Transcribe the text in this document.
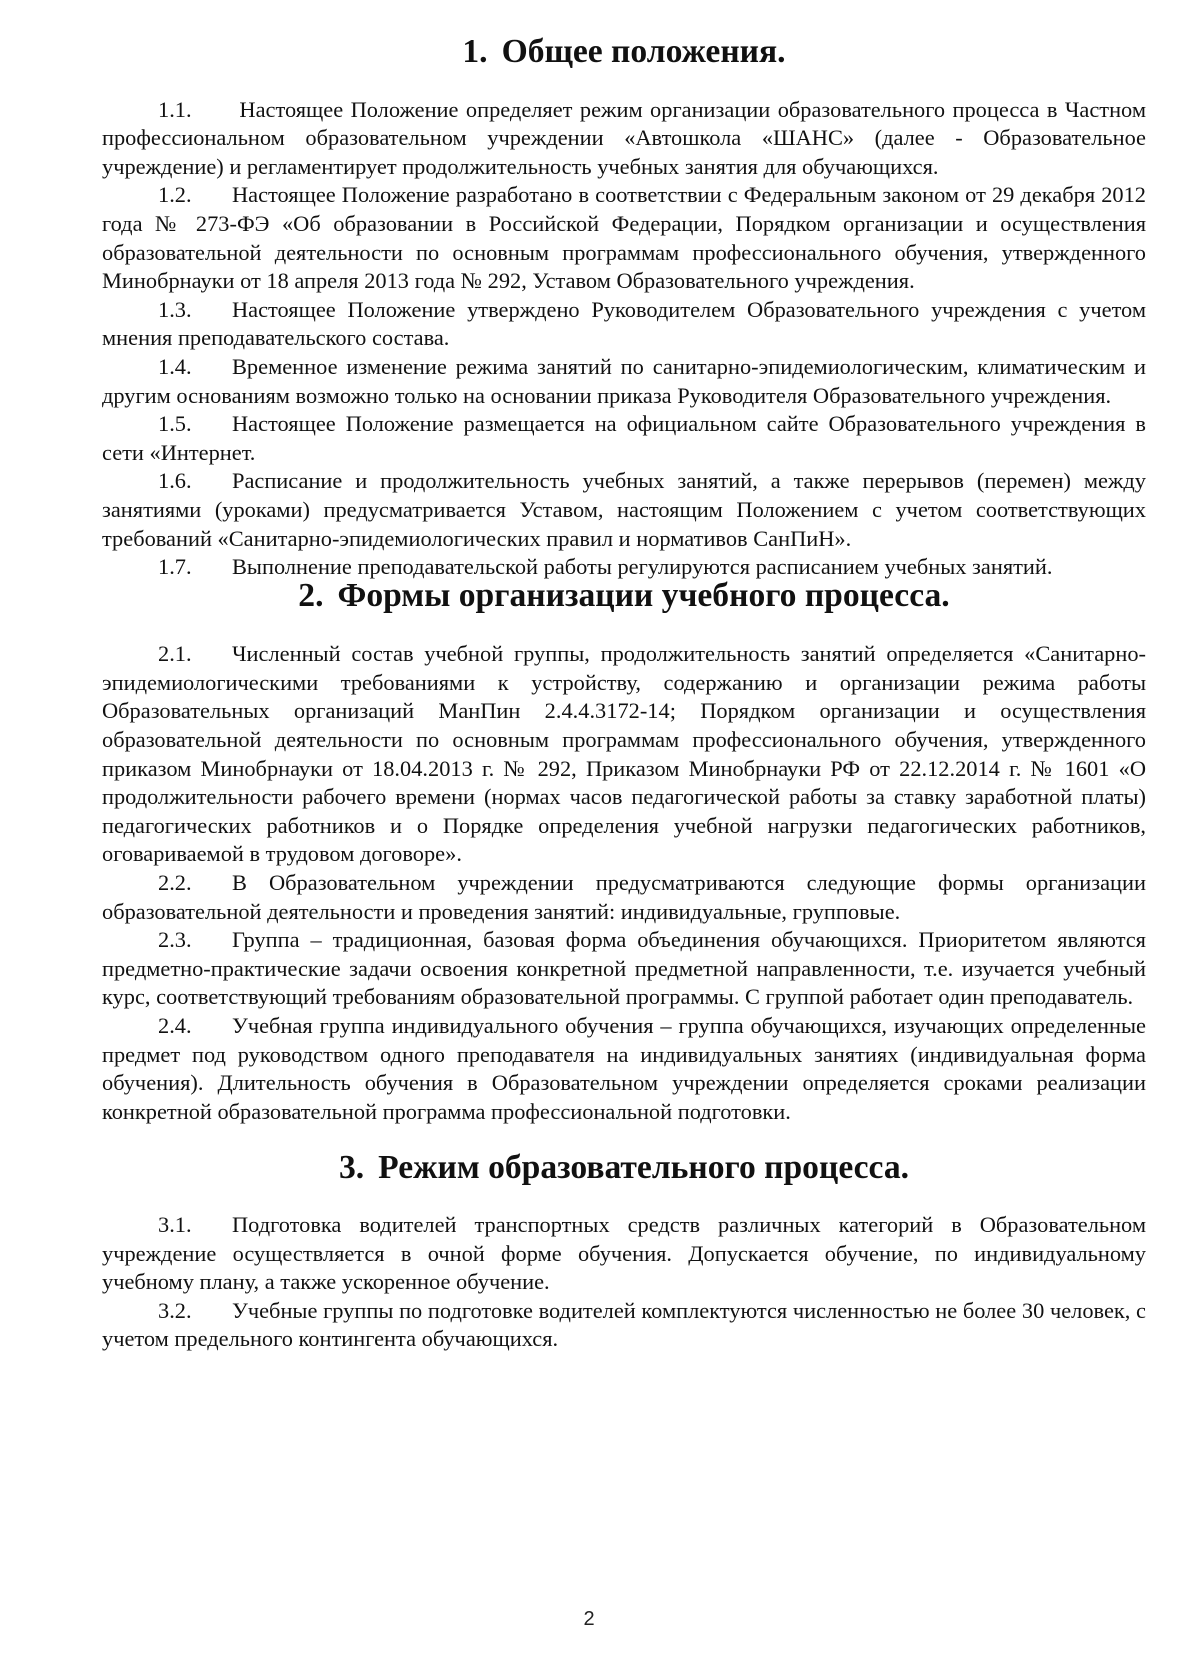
1. Общее положения.

1.1. Настоящее Положение определяет режим организации образовательного процесса в Частном профессиональном образовательном учреждении «Автошкола «ШАНС» (далее - Образовательное учреждение) и регламентирует продолжительность учебных занятия для обучающихся.

1.2. Настоящее Положение разработано в соответствии с Федеральным законом от 29 декабря 2012 года № 273-ФЭ «Об образовании в Российской Федерации, Порядком организации и осуществления образовательной деятельности по основным программам профессионального обучения, утвержденного Минобрнауки от 18 апреля 2013 года № 292, Уставом Образовательного учреждения.

1.3. Настоящее Положение утверждено Руководителем Образовательного учреждения с учетом мнения преподавательского состава.

1.4. Временное изменение режима занятий по санитарно-эпидемиологическим, климатическим и другим основаниям возможно только на основании приказа Руководителя Образовательного учреждения.

1.5. Настоящее Положение размещается на официальном сайте Образовательного учреждения в сети «Интернет.

1.6. Расписание и продолжительность учебных занятий, а также перерывов (перемен) между занятиями (уроками) предусматривается Уставом, настоящим Положением с учетом соответствующих требований «Санитарно-эпидемиологических правил и нормативов СанПиН».

1.7. Выполнение преподавательской работы регулируются расписанием учебных занятий.

2. Формы организации учебного процесса.

2.1. Численный состав учебной группы, продолжительность занятий определяется «Санитарно-эпидемиологическими требованиями к устройству, содержанию и организации режима работы Образовательных организаций МанПин 2.4.4.3172-14; Порядком организации и осуществления образовательной деятельности по основным программам профессионального обучения, утвержденного приказом Минобрнауки от 18.04.2013 г. № 292, Приказом Минобрнауки РФ от 22.12.2014 г. № 1601 «О продолжительности рабочего времени (нормах часов педагогической работы за ставку заработной платы) педагогических работников и о Порядке определения учебной нагрузки педагогических работников, оговариваемой в трудовом договоре».

2.2. В Образовательном учреждении предусматриваются следующие формы организации образовательной деятельности и проведения занятий: индивидуальные, групповые.

2.3. Группа – традиционная, базовая форма объединения обучающихся. Приоритетом являются предметно-практические задачи освоения конкретной предметной направленности, т.е. изучается учебный курс, соответствующий требованиям образовательной программы. С группой работает один преподаватель.

2.4. Учебная группа индивидуального обучения – группа обучающихся, изучающих определенные предмет под руководством одного преподавателя на индивидуальных занятиях (индивидуальная форма обучения). Длительность обучения в Образовательном учреждении определяется сроками реализации конкретной образовательной программа профессиональной подготовки.

3. Режим образовательного процесса.

3.1. Подготовка водителей транспортных средств различных категорий в Образовательном учреждение осуществляется в очной форме обучения. Допускается обучение, по индивидуальному учебному плану, а также ускоренное обучение.

3.2. Учебные группы по подготовке водителей комплектуются численностью не более 30 человек, с учетом предельного контингента обучающихся.

2
